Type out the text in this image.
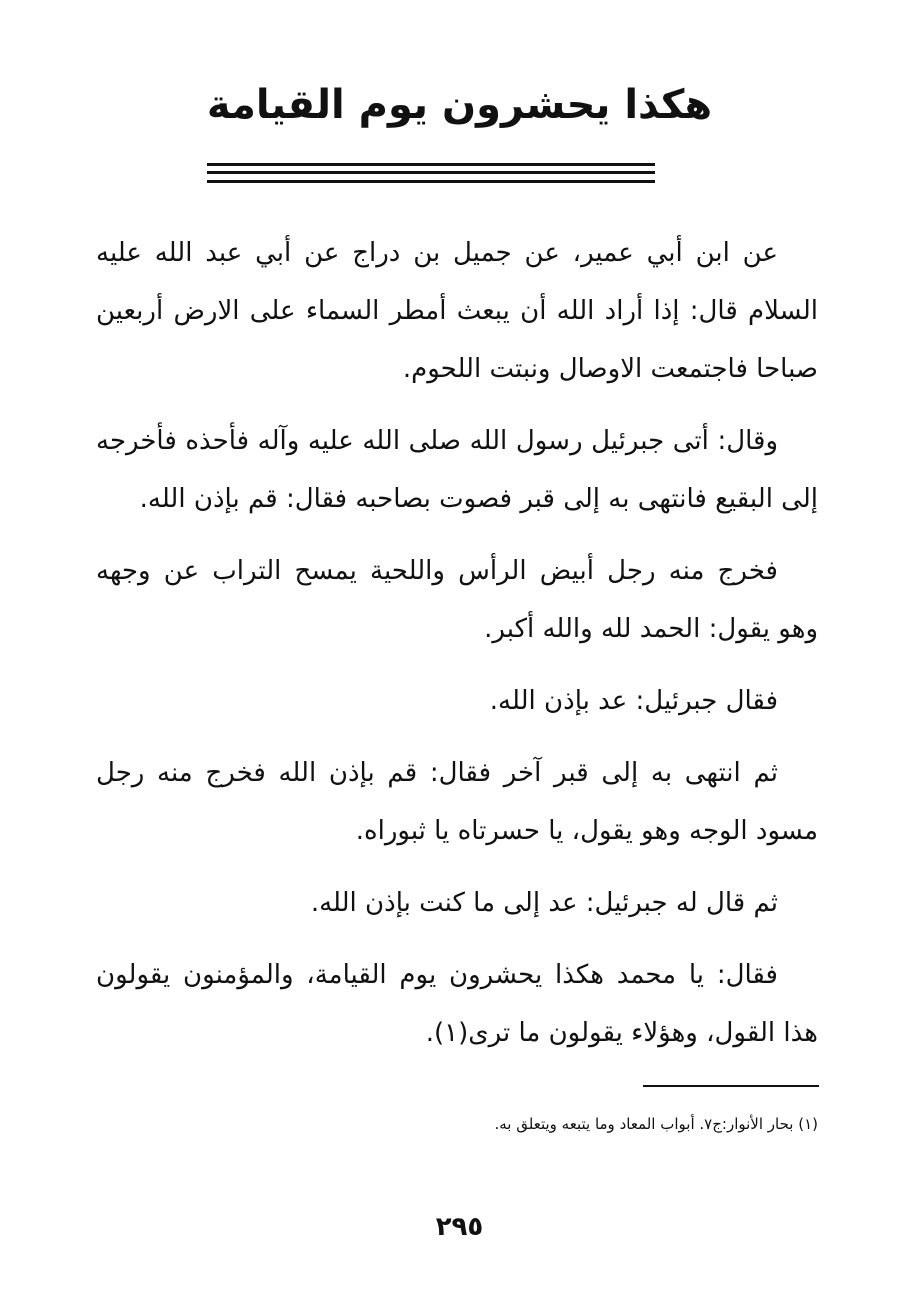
هكذا يحشرون يوم القيامة

عن ابن أبي عمير، عن جميل بن دراج عن أبي عبد الله عليه السلام قال: إذا أراد الله أن يبعث أمطر السماء على الارض أربعين صباحا فاجتمعت الاوصال ونبتت اللحوم.

وقال: أتى جبرئيل رسول الله صلى الله عليه وآله فأحذه فأخرجه إلى البقيع فانتهى به إلى قبر فصوت بصاحبه فقال: قم بإذن الله.

فخرج منه رجل أبيض الرأس واللحية يمسح التراب عن وجهه وهو يقول: الحمد لله والله أكبر.

فقال جبرئيل: عد بإذن الله.

ثم انتهى به إلى قبر آخر فقال: قم بإذن الله فخرج منه رجل مسود الوجه وهو يقول، يا حسرتاه يا ثبوراه.

ثم قال له جبرئيل: عد إلى ما كنت بإذن الله.

فقال: يا محمد هكذا يحشرون يوم القيامة، والمؤمنون يقولون هذا القول، وهؤلاء يقولون ما ترى(١).

(١) بحار الأنوار:ج٧. أبواب المعاد وما يتبعه ويتعلق به.
٢٩٥
